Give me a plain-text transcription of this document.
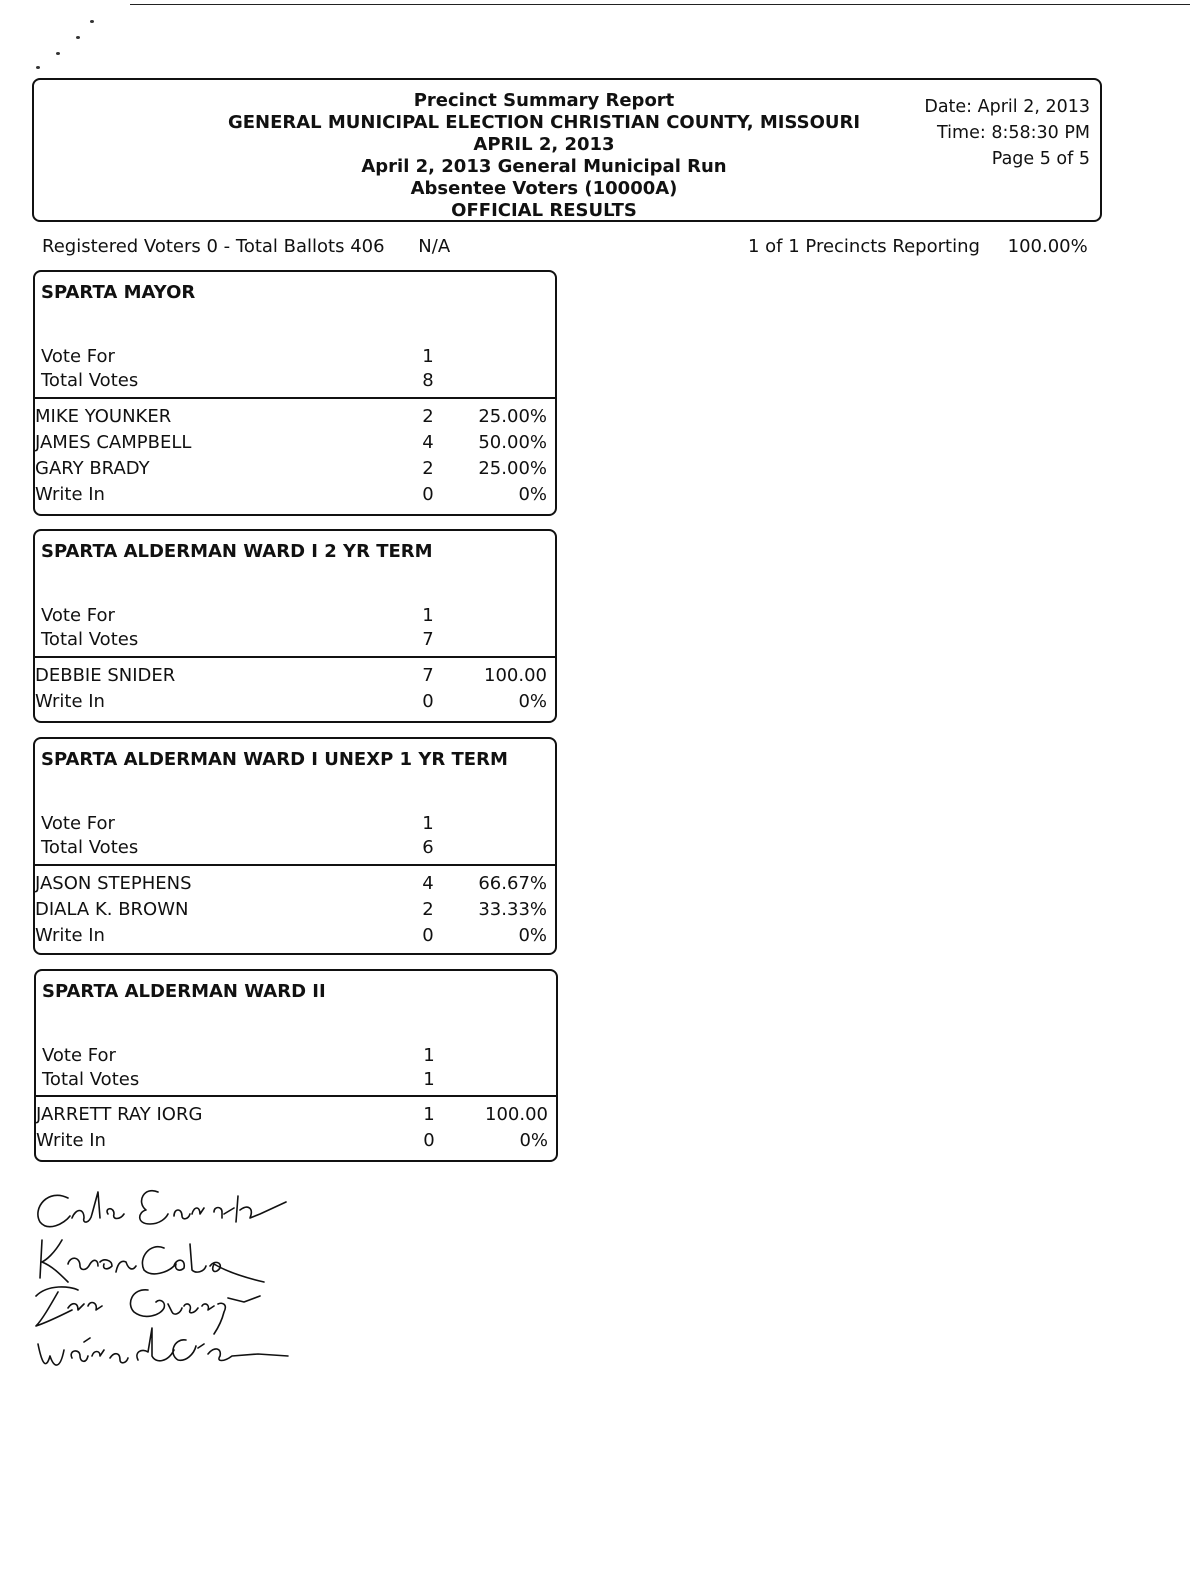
Precinct Summary Report
GENERAL MUNICIPAL ELECTION CHRISTIAN COUNTY, MISSOURI
APRIL 2, 2013
April 2, 2013 General Municipal Run
Absentee Voters (10000A)
OFFICIAL RESULTS
Date: April 2, 2013
Time: 8:58:30 PM
Page 5 of 5
Registered Voters 0 - Total Ballots 406 N/A	1 of 1 Precincts Reporting 100.00%
SPARTA MAYOR
Vote For	1
Total Votes	8
MIKE YOUNKER	2 25.00%
JAMES CAMPBELL	4 50.00%
GARY BRADY	2 25.00%
Write In	0	0%
SPARTA ALDERMAN WARD I 2 YR TERM
Vote For	1
Total Votes	7
DEBBIE SNIDER	7	100.00
Write In	0	0%
SPARTA ALDERMAN WARD I UNEXP 1 YR TERM
Vote For	1
Total Votes	6
JASON STEPHENS	4 66.67%
DIALA K. BROWN	2 33.33%
Write In	0	0%
SPARTA ALDERMAN WARD II
Vote For	1
Total Votes	1
JARRETT RAY IORG	1	100.00
Write In	0	0%
